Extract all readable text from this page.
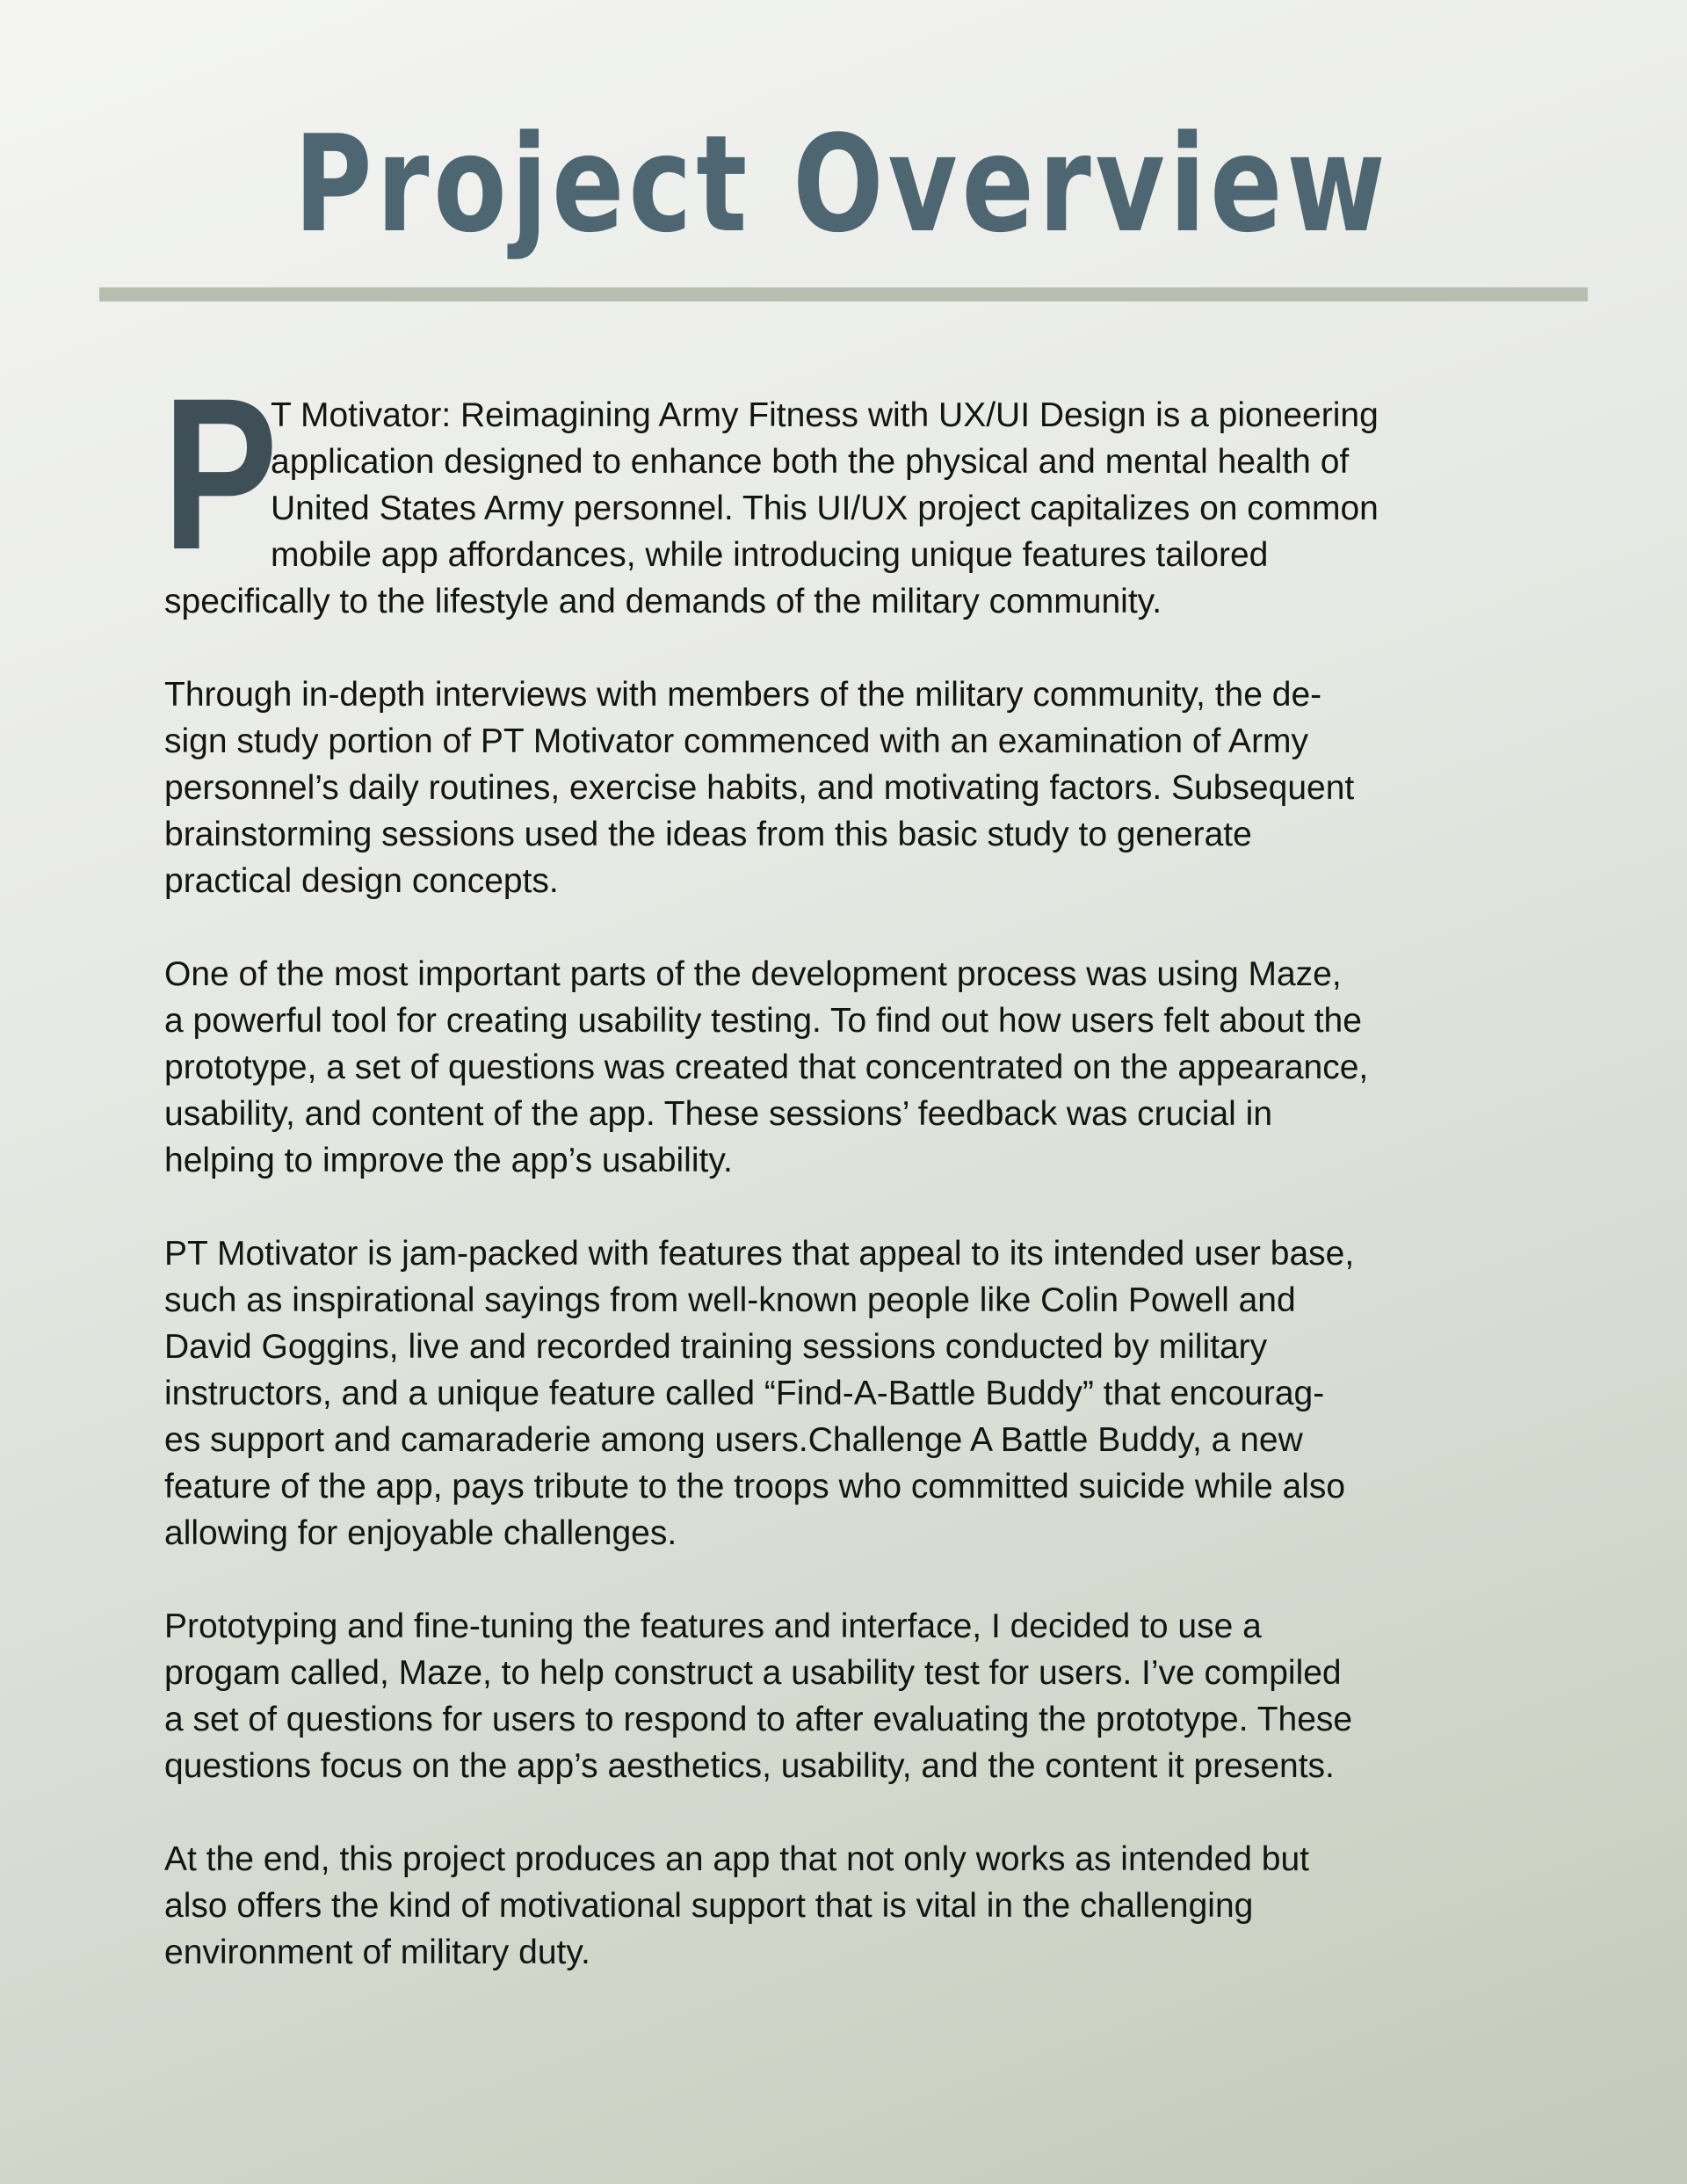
Project Overview

P
T Motivator: Reimagining Army Fitness with UX/UI Design is a pioneering
application designed to enhance both the physical and mental health of
United States Army personnel. This UI/UX project capitalizes on common
mobile app affordances, while introducing unique features tailored
specifically to the lifestyle and demands of the military community.

Through in-depth interviews with members of the military community, the de-
sign study portion of PT Motivator commenced with an examination of Army
personnel’s daily routines, exercise habits, and motivating factors. Subsequent
brainstorming sessions used the ideas from this basic study to generate
practical design concepts.

One of the most important parts of the development process was using Maze,
a powerful tool for creating usability testing. To find out how users felt about the
prototype, a set of questions was created that concentrated on the appearance,
usability, and content of the app. These sessions’ feedback was crucial in
helping to improve the app’s usability.

PT Motivator is jam-packed with features that appeal to its intended user base,
such as inspirational sayings from well-known people like Colin Powell and
David Goggins, live and recorded training sessions conducted by military
instructors, and a unique feature called “Find-A-Battle Buddy” that encourag-
es support and camaraderie among users.Challenge A Battle Buddy, a new
feature of the app, pays tribute to the troops who committed suicide while also
allowing for enjoyable challenges.

Prototyping and fine-tuning the features and interface, I decided to use a
progam called, Maze, to help construct a usability test for users. I’ve compiled
a set of questions for users to respond to after evaluating the prototype. These
questions focus on the app’s aesthetics, usability, and the content it presents.

At the end, this project produces an app that not only works as intended but
also offers the kind of motivational support that is vital in the challenging
environment of military duty.
